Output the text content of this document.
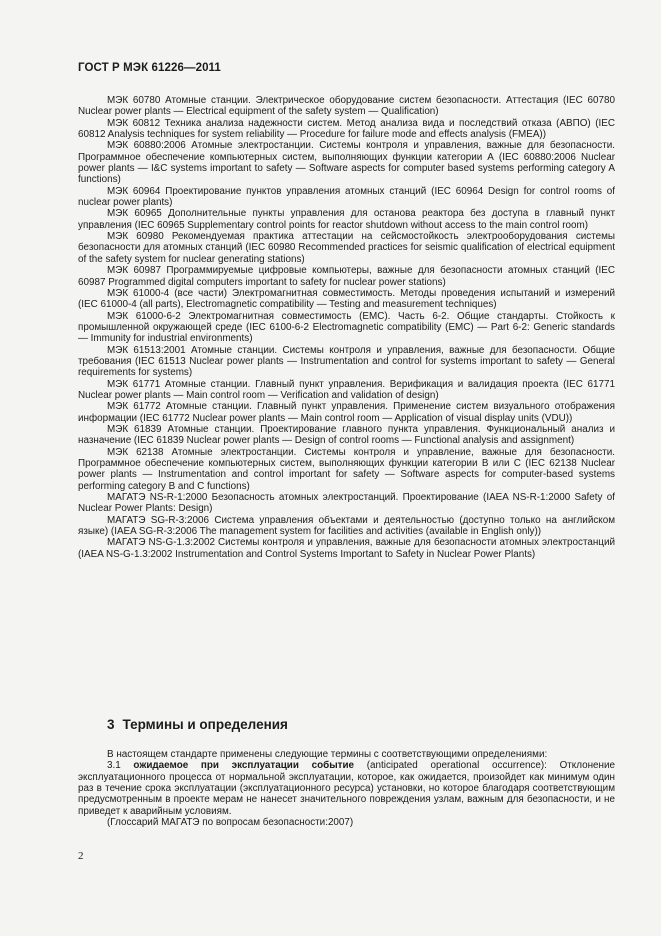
ГОСТ Р МЭК 61226—2011

МЭК 60780 Атомные станции. Электрическое оборудование систем безопасности. Аттестация (IEC 60780 Nuclear power plants — Electrical equipment of the safety system — Qualification)

МЭК 60812 Техника анализа надежности систем. Метод анализа вида и последствий отказа (АВПО) (IEC 60812 Analysis techniques for system reliability — Procedure for failure mode and effects analysis (FMEA))

МЭК 60880:2006 Атомные электростанции. Системы контроля и управления, важные для безопасности. Программное обеспечение компьютерных систем, выполняющих функции категории А (IEC 60880:2006 Nuclear power plants — I&C systems important to safety — Software aspects for computer based systems performing category A functions)

МЭК 60964 Проектирование пунктов управления атомных станций (IEC 60964 Design for control rooms of nuclear power plants)

МЭК 60965 Дополнительные пункты управления для останова реактора без доступа в главный пункт управления (IEC 60965 Supplementary control points for reactor shutdown without access to the main control room)

МЭК 60980 Рекомендуемая практика аттестации на сейсмостойкость электрооборудования системы безопасности для атомных станций (IEC 60980 Recommended practices for seismic qualification of electrical equipment of the safety system for nuclear generating stations)

МЭК 60987 Программируемые цифровые компьютеры, важные для безопасности атомных станций (IEC 60987 Programmed digital computers important to safety for nuclear power stations)

МЭК 61000-4 (все части) Электромагнитная совместимость. Методы проведения испытаний и измерений (IEC 61000-4 (all parts), Electromagnetic compatibility — Testing and measurement techniques)

МЭК 61000-6-2 Электромагнитная совместимость (ЕМС). Часть 6-2. Общие стандарты. Стойкость к промышленной окружающей среде (IEC 6100-6-2 Electromagnetic compatibility (EMC) — Part 6-2: Generic standards — Immunity for industrial environments)

МЭК 61513:2001 Атомные станции. Системы контроля и управления, важные для безопасности. Общие требования (IEC 61513 Nuclear power plants — Instrumentation and control for systems important to safety — General requirements for systems)

МЭК 61771 Атомные станции. Главный пункт управления. Верификация и валидация проекта (IEC 61771 Nuclear power plants — Main control room — Verification and validation of design)

МЭК 61772 Атомные станции. Главный пункт управления. Применение систем визуального отображения информации (IEC 61772 Nuclear power plants — Main control room — Application of visual display units (VDU))

МЭК 61839 Атомные станции. Проектирование главного пункта управления. Функциональный анализ и назначение (IEC 61839 Nuclear power plants — Design of control rooms — Functional analysis and assignment)

МЭК 62138 Атомные электростанции. Системы контроля и управление, важные для безопасности. Программное обеспечение компьютерных систем, выполняющих функции категории В или С (IEC 62138 Nuclear power plants — Instrumentation and control important for safety — Software aspects for computer-based systems performing category B and C functions)

МАГАТЭ NS-R-1:2000 Безопасность атомных электростанций. Проектирование (IAEA NS-R-1:2000 Safety of Nuclear Power Plants: Design)

МАГАТЭ SG-R-3:2006 Система управления объектами и деятельностью (доступно только на английском языке) (IAEA SG-R-3:2006 The management system for facilities and activities (available in English only))

МАГАТЭ NS-G-1.3:2002 Системы контроля и управления, важные для безопасности атомных электростанций (IAEA NS-G-1.3:2002 Instrumentation and Control Systems Important to Safety in Nuclear Power Plants)

3 Термины и определения

В настоящем стандарте применены следующие термины с соответствующими определениями:

3.1 ожидаемое при эксплуатации событие (anticipated operational occurrence): Отклонение эксплуатационного процесса от нормальной эксплуатации, которое, как ожидается, произойдет как минимум один раз в течение срока эксплуатации (эксплуатационного ресурса) установки, но которое благодаря соответствующим предусмотренным в проекте мерам не нанесет значительного повреждения узлам, важным для безопасности, и не приведет к аварийным условиям.

(Глоссарий МАГАТЭ по вопросам безопасности:2007)

2
